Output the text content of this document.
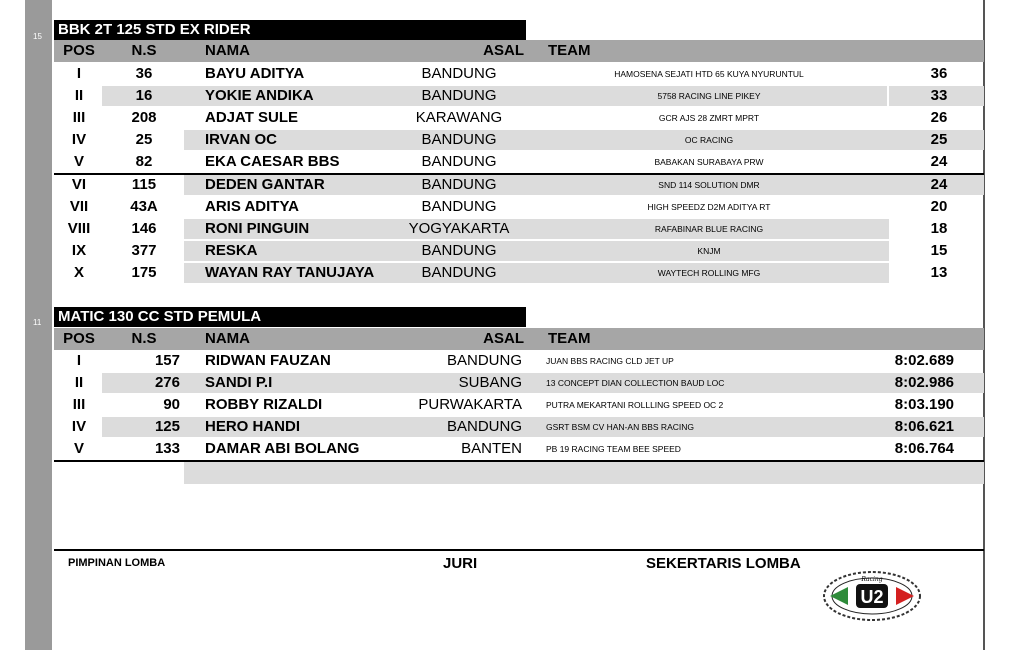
15 BBK 2T 125 STD EX RIDER
POS	N.S	NAMA	ASAL TEAM
I	36	BAYU ADITYA	BANDUNG	HAMOSENA SEJATI HTD 65 KUYA NYURUNTUL	36
II	16	YOKIE ANDIKA	BANDUNG	5758 RACING LINE PIKEY	33
III	208	ADJAT SULE	KARAWANG	GCR AJS 28 ZMRT MPRT	26
IV	25	IRVAN OC	BANDUNG	OC RACING	25
V	82	EKA CAESAR BBS	BANDUNG	BABAKAN SURABAYA PRW	24
VI	115	DEDEN GANTAR	BANDUNG	SND 114 SOLUTION DMR	24
VII	43A	ARIS ADITYA	BANDUNG	HIGH SPEEDZ D2M ADITYA RT	20
VIII	146	RONI PINGUIN	YOGYAKARTA	RAFABINAR BLUE RACING	18
IX	377	RESKA	BANDUNG	KNJM	15
X	175	WAYAN RAY TANUJAYA	BANDUNG	WAYTECH ROLLING MFG	13
11 MATIC 130 CC STD PEMULA
POS	N.S	NAMA	ASAL TEAM
I	157 RIDWAN FAUZAN	BANDUNG	JUAN BBS RACING CLD JET UP	8:02.689
II	276 SANDI P.I	SUBANG	13 CONCEPT DIAN COLLECTION BAUD LOC	8:02.986
III	90 ROBBY RIZALDI	PURWAKARTA	PUTRA MEKARTANI ROLLLING SPEED OC 2	8:03.190
IV	125 HERO HANDI	BANDUNG	GSRT BSM CV HAN-AN BBS RACING	8:06.621
V	133 DAMAR ABI BOLANG	BANTEN	PB 19 RACING TEAM BEE SPEED	8:06.764
PIMPINAN LOMBA	JURI	SEKERTARIS LOMBA
Racing
U2
